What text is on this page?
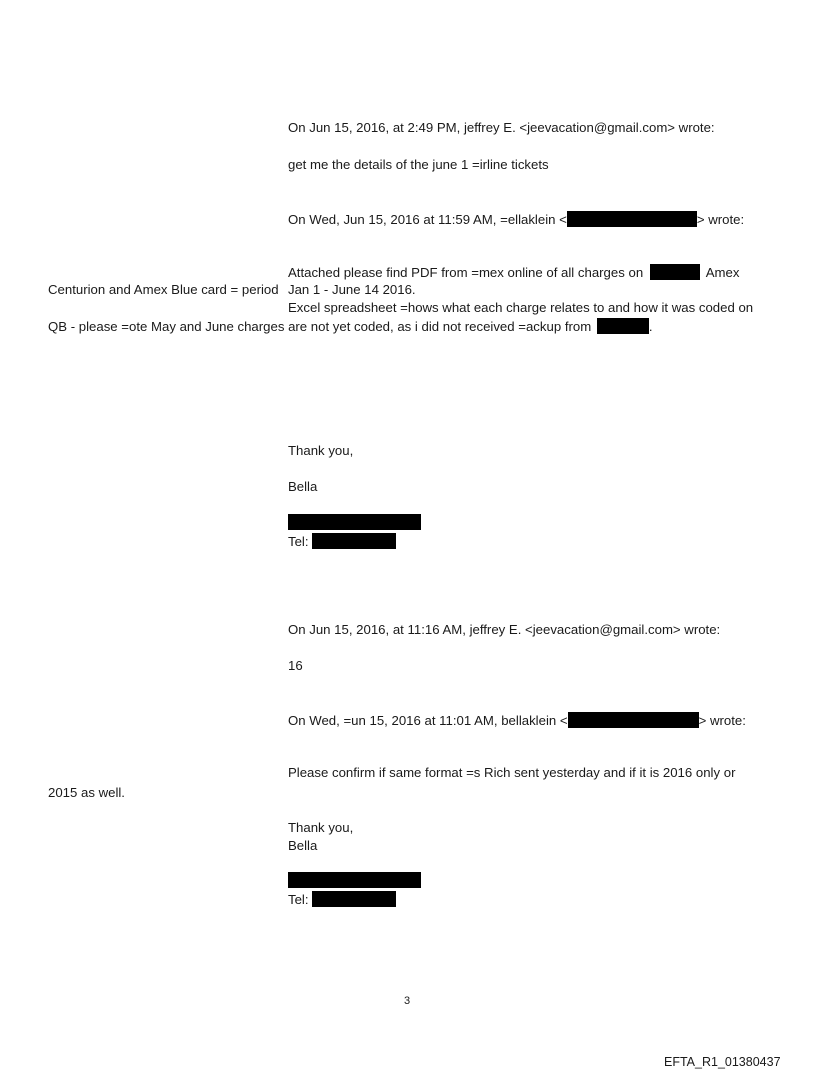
On Jun 15, 2016, at 2:49 PM, jeffrey E. <jeevacation@gmail.com> wrote:
get me the details of the june 1 =irline tickets
On Wed, Jun 15, 2016 at 11:59 AM, =ellaklein <	> wrote:
Attached please find PDF from =mex online of all charges on	Amex
Centurion and Amex Blue card = period Jan 1 - June 14 2016.
Excel spreadsheet =hows what each charge relates to and how it was coded on
QB - please =ote May and June charges are not yet coded, as i did not received =ackup from	.
Thank you,
Bella
Tel:
On Jun 15, 2016, at 11:16 AM, jeffrey E. <jeevacation@gmail.com> wrote:
16
On Wed, =un 15, 2016 at 11:01 AM, bellaklein <	> wrote:
Please confirm if same format =s Rich sent yesterday and if it is 2016 only or
2015 as well.
Thank you,
Bella
Tel:
3
EFTA_R1_01380437
